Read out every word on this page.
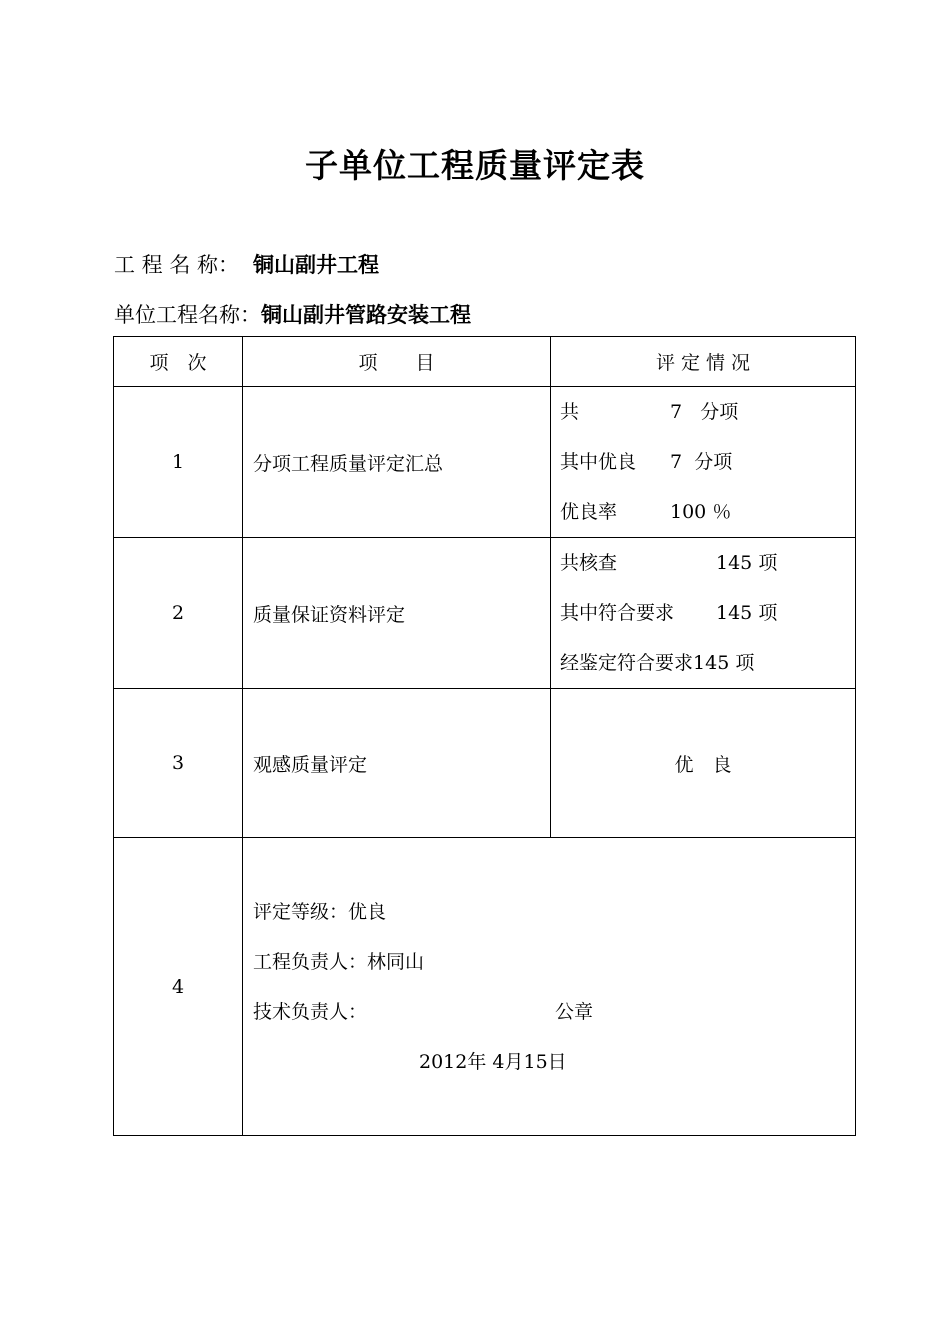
子单位工程质量评定表
工 程 名 称： 铜山副井工程
单位工程名称：铜山副井管路安装工程
项　次	项　　目	评 定 情 况
1	分项工程质量评定汇总	共 7 分项
其中优良 7 分项
优良率 100 ％

2	质量保证资料评定	共核查 145 项
其中符合要求 145 项
经鉴定符合要求145 项

3	观感质量评定	优　良
4	评定等级：优良
工程负责人：林同山
技术负责人： 公章
2012年 4月15日	
